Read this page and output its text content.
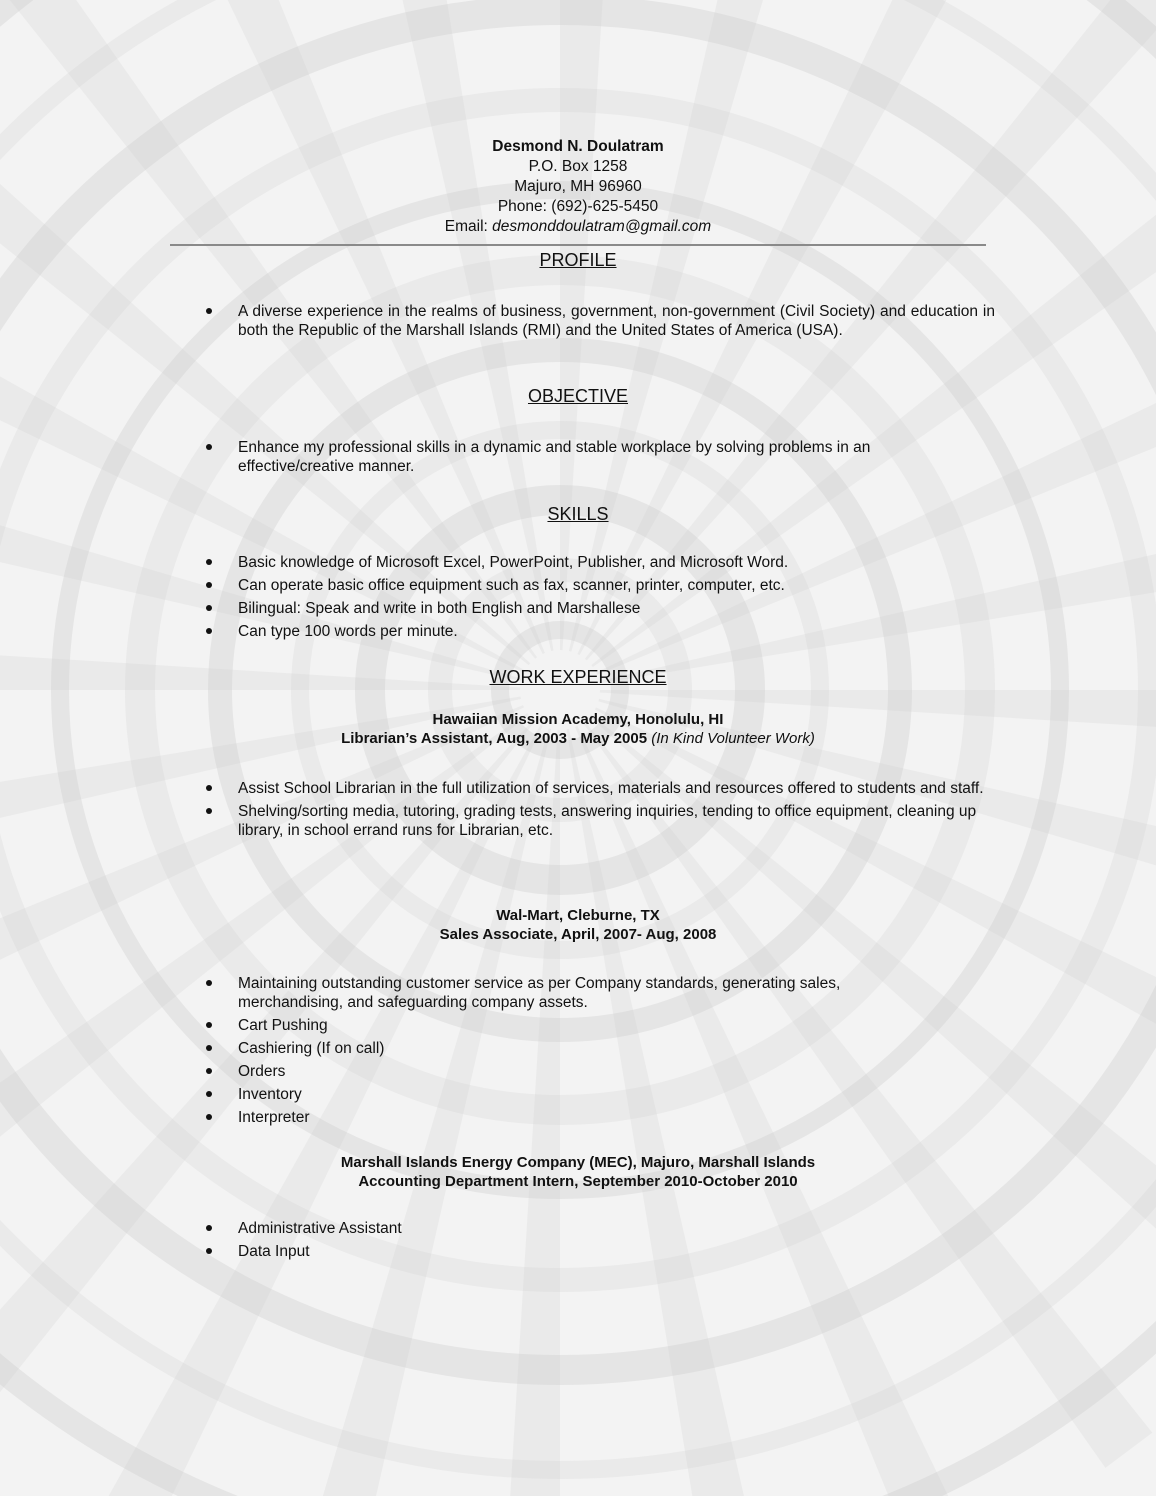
Desmond N. Doulatram
P.O. Box 1258
Majuro, MH 96960
Phone: (692)-625-5450
Email: desmonddoulatram@gmail.com
PROFILE
A diverse experience in the realms of business, government, non-government (Civil Society) and education in both the Republic of the Marshall Islands (RMI) and the United States of America (USA).
OBJECTIVE
Enhance my professional skills in a dynamic and stable workplace by solving problems in an effective/creative manner.
SKILLS
Basic knowledge of Microsoft Excel, PowerPoint, Publisher, and Microsoft Word.
Can operate basic office equipment such as fax, scanner, printer, computer, etc.
Bilingual: Speak and write in both English and Marshallese
Can type 100 words per minute.
WORK EXPERIENCE
Hawaiian Mission Academy, Honolulu, HI
Librarian’s Assistant, Aug, 2003 - May 2005 (In Kind Volunteer Work)
Assist School Librarian in the full utilization of services, materials and resources offered to students and staff.
Shelving/sorting media, tutoring, grading tests, answering inquiries, tending to office equipment, cleaning up library, in school errand runs for Librarian, etc.
Wal-Mart, Cleburne, TX
Sales Associate, April, 2007- Aug, 2008
Maintaining outstanding customer service as per Company standards, generating sales, merchandising, and safeguarding company assets.
Cart Pushing
Cashiering (If on call)
Orders
Inventory
Interpreter
Marshall Islands Energy Company (MEC), Majuro, Marshall Islands
Accounting Department Intern, September 2010-October 2010
Administrative Assistant
Data Input
